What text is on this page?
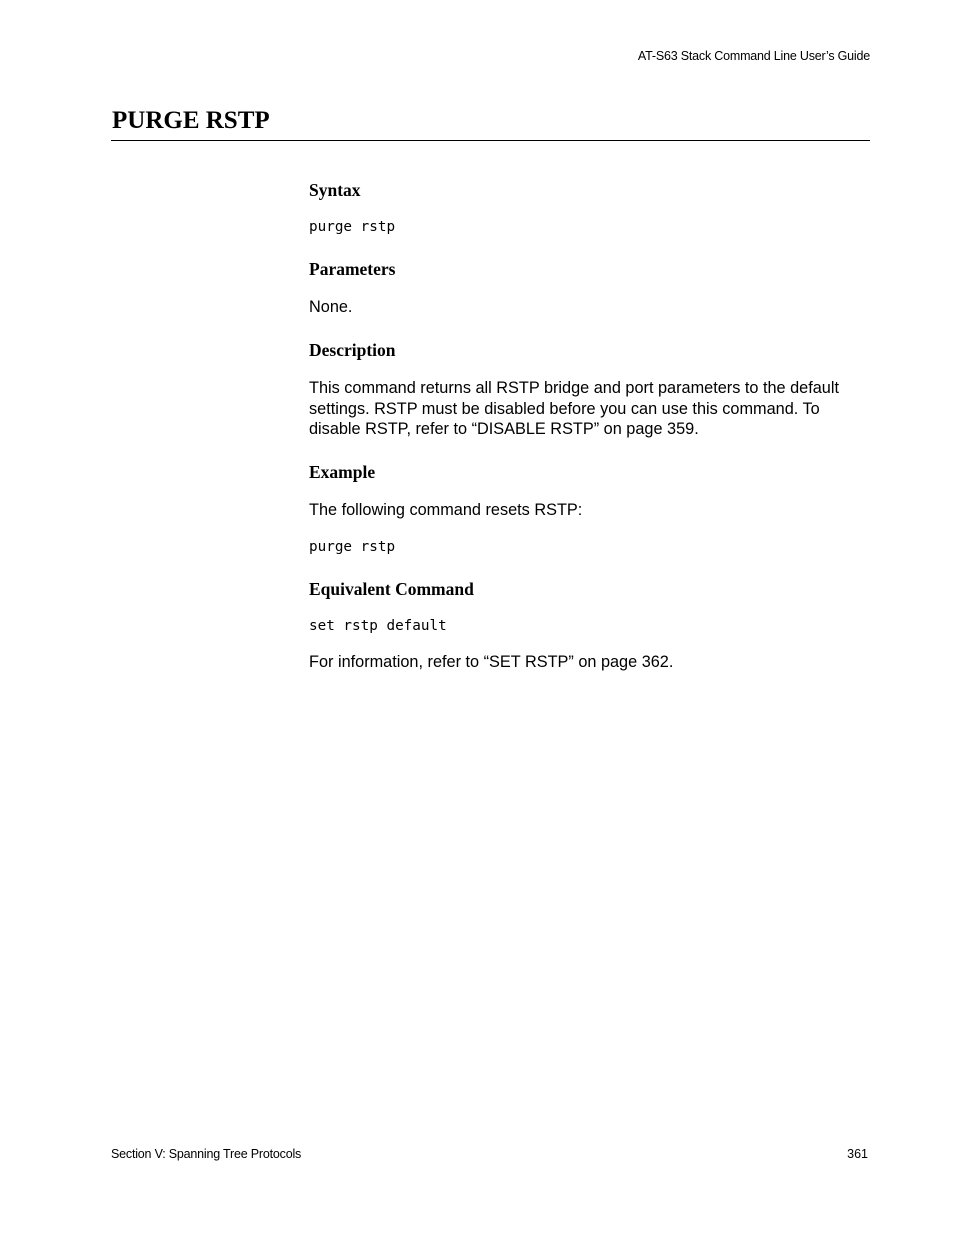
AT-S63 Stack Command Line User’s Guide
PURGE RSTP
Syntax
purge rstp
Parameters

None.

Description

This command returns all RSTP bridge and port parameters to the default settings. RSTP must be disabled before you can use this command. To disable RSTP, refer to “DISABLE RSTP” on page 359.

Example

The following command resets RSTP:

purge rstp
Equivalent Command
set rstp default

For information, refer to “SET RSTP” on page 362.

Section V: Spanning Tree Protocols	361
